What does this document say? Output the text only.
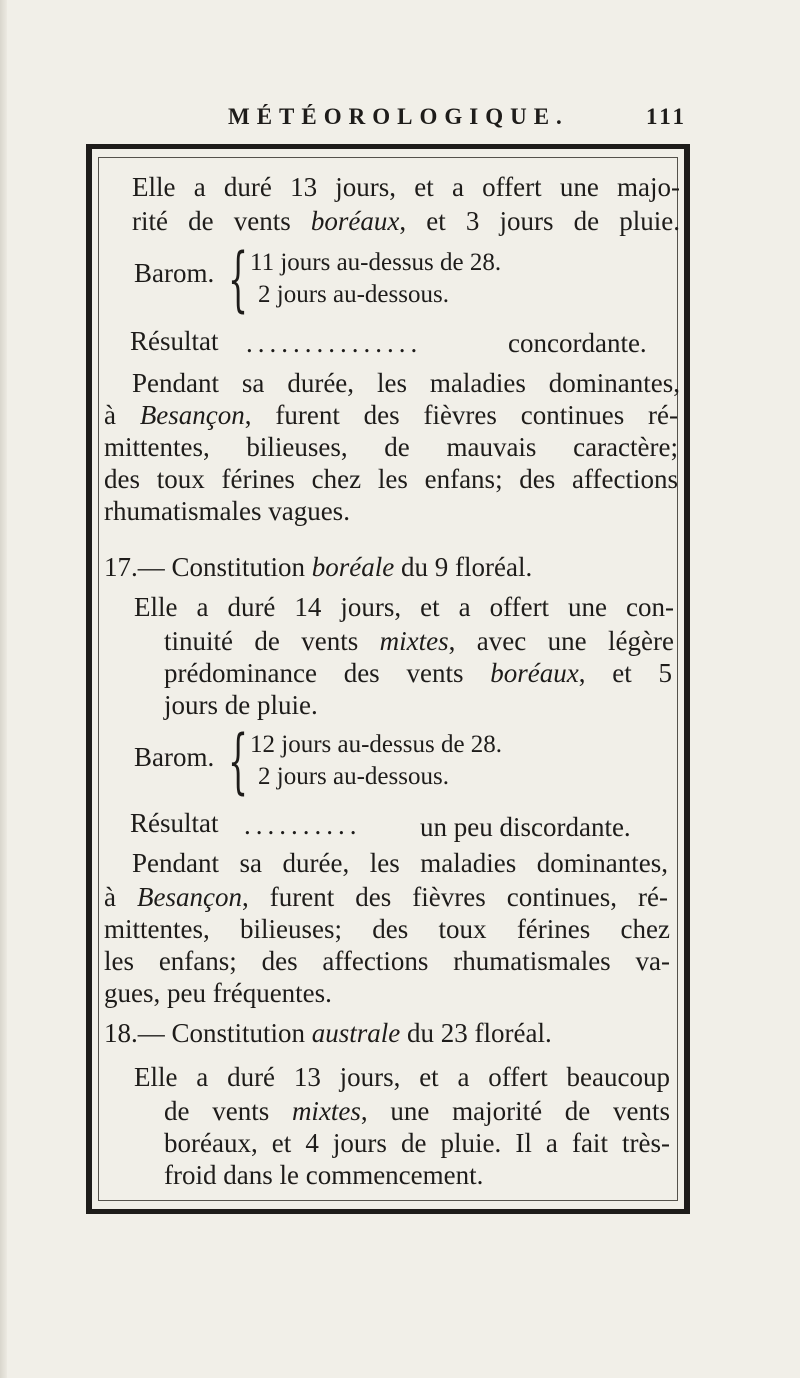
MÉTÉOROLOGIQUE.	111
Elle a duré 13 jours, et a offert une majo-
rité de vents boréaux, et 3 jours de pluie.
Barom. { 11 jours au-dessus de 28.
2 jours au-dessous.
Résultat ...............	concordante.
Pendant sa durée, les maladies dominantes,
à Besançon, furent des fièvres continues ré-
mittentes, bilieuses, de mauvais caractère;
des toux férines chez les enfans; des affections
rhumatismales vagues.
17.— Constitution boréale du 9 floréal.
Elle a duré 14 jours, et a offert une con-
tinuité de vents mixtes, avec une légère
prédominance des vents boréaux, et 5
jours de pluie.
Barom. { 12 jours au-dessus de 28.
2 jours au-dessous.
Résultat .......... un peu discordante.
Pendant sa durée, les maladies dominantes,
à Besançon, furent des fièvres continues, ré-
mittentes, bilieuses; des toux férines chez
les enfans; des affections rhumatismales va-
gues, peu fréquentes.
18.— Constitution australe du 23 floréal.
Elle a duré 13 jours, et a offert beaucoup
de vents mixtes, une majorité de vents
boréaux, et 4 jours de pluie. Il a fait très-
froid dans le commencement.
